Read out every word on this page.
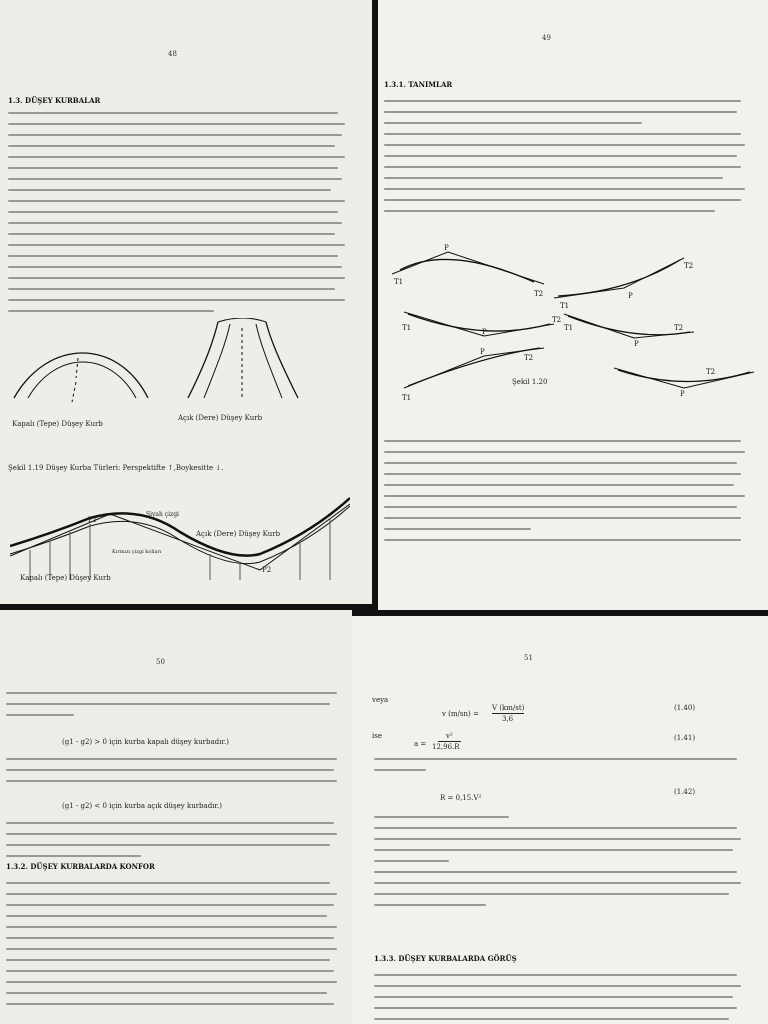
48
1.3. DÜŞEY KURBALAR
Kapalı (Tepe) Düşey Kurb
Açık (Dere) Düşey Kurb
Şekil 1.19 Düşey Kurba Türleri: Perspektifte ↑,Boykesitte ↓.
Siyah çizgi
P1
Açık (Dere) Düşey Kurb
Kırmızı çizgi kolları
P2
Kapalı (Tepe) Düşey Kurb
49
1.3.1. TANIMLAR
T1
T2
P
T1
T2
P
T1
T2
P	T1	T2
P
T1
T2
P
T2
P
Şekil 1.20
50
(g1 - g2) > 0 için kurba kapalı düşey kurbadır.)
(g1 - g2) < 0 için kurba açık düşey kurbadır.)
1.3.2. DÜŞEY KURBALARDA KONFOR
51
veya
v (m/sn) =
V (km/st)
3,6
(1.40)
ise
a =
v²
12,96.R
(1.41)
R = 0,15.V²
(1.42)
1.3.3. DÜŞEY KURBALARDA GÖRÜŞ
